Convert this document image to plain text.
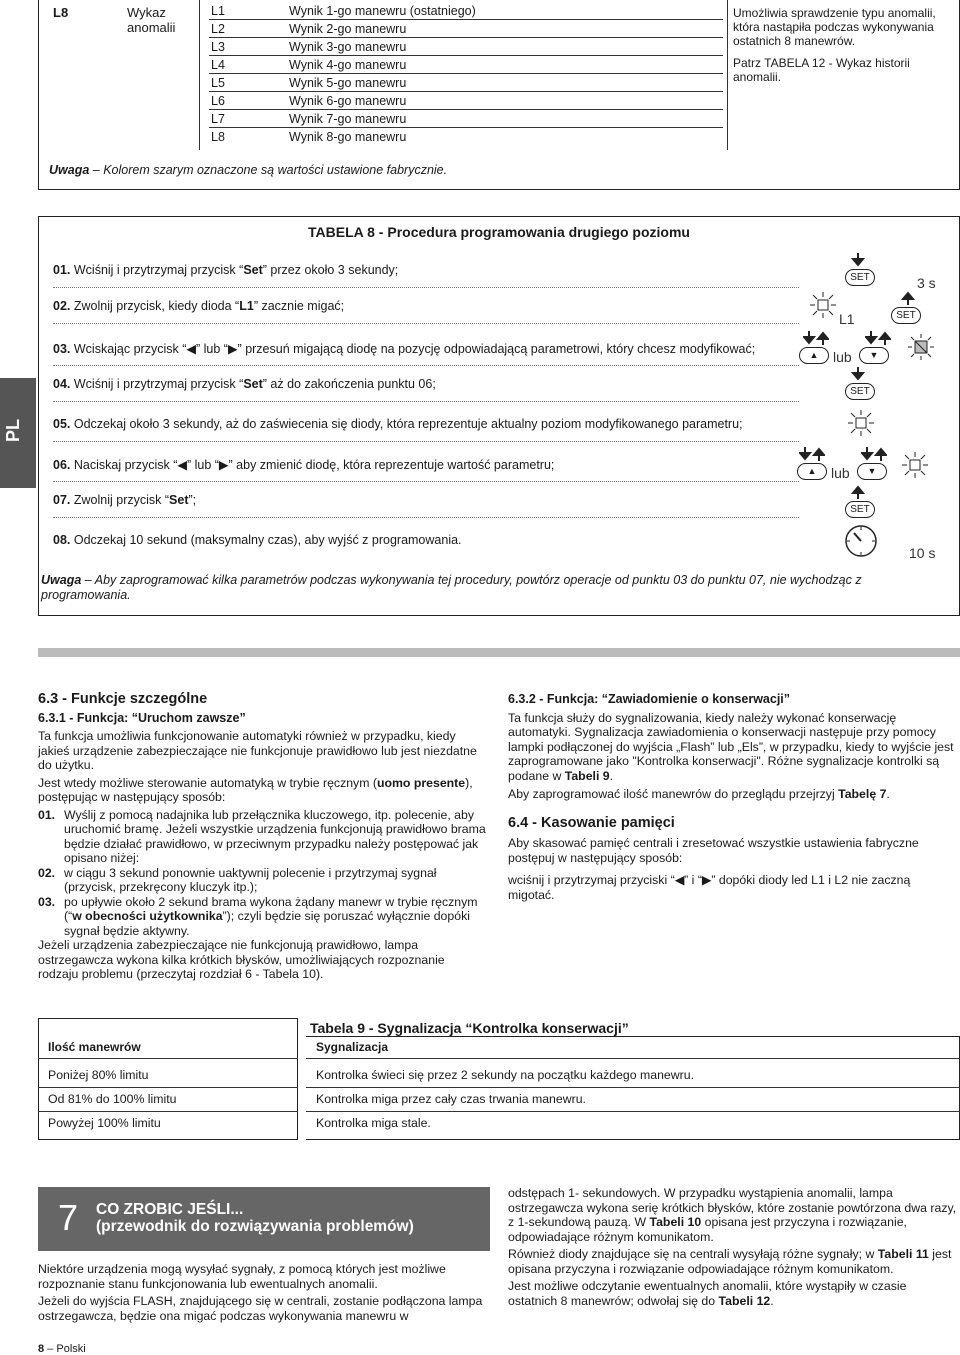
L8	Wykaz anomalii
L1	Wynik 1-go manewru (ostatniego)
L2	Wynik 2-go manewru
L3	Wynik 3-go manewru
L4	Wynik 4-go manewru
L5	Wynik 5-go manewru
L6	Wynik 6-go manewru
L7	Wynik 7-go manewru
L8	Wynik 8-go manewru

Umożliwia sprawdzenie typu anomalii, która nastąpiła podczas wykonywania ostatnich 8 manewrów.

Patrz TABELA 12 - Wykaz historii anomalii.

Uwaga – Kolorem szarym oznaczone są wartości ustawione fabrycznie.
TABELA 8 - Procedura programowania drugiego poziomu
01. Wciśnij i przytrzymaj przycisk “Set” przez około 3 sekundy;
02. Zwolnij przycisk, kiedy dioda “L1” zacznie migać;
03. Wciskając przycisk “◀” lub “▶” przesuń migającą diodę na pozycję odpowiadającą parametrowi, który chcesz modyfikować;
04. Wciśnij i przytrzymaj przycisk “Set” aż do zakończenia punktu 06;
05. Odczekaj około 3 sekundy, aż do zaświecenia się diody, która reprezentuje aktualny poziom modyfikowanego parametru;
06. Naciskaj przycisk “◀” lub “▶” aby zmienić diodę, która reprezentuje wartość parametru;
07. Zwolnij przycisk “Set”;
08. Odczekaj 10 sekund (maksymalny czas), aby wyjść z programowania.
Uwaga – Aby zaprogramować kilka parametrów podczas wykonywania tej procedury, powtórz operacje od punktu 03 do punktu 07, nie wychodząc z programowania.
SET	3 s
L1	SET
▲	lub	▼
SET
▲	lub	▼
SET
10 s
PL
6.3 - Funkcje szczególne
6.3.1 - Funkcja: “Uruchom zawsze”

Ta funkcja umożliwia funkcjonowanie automatyki również w przypadku, kiedy jakieś urządzenie zabezpieczające nie funkcjonuje prawidłowo lub jest niezdatne do użytku.

Jest wtedy możliwe sterowanie automatyką w trybie ręcznym (uomo presente), postępując w następujący sposób:

01. Wyślij z pomocą nadajnika lub przełącznika kluczowego, itp. polecenie, aby uruchomić bramę. Jeżeli wszystkie urządzenia funkcjonują prawidłowo brama będzie działać prawidłowo, w przeciwnym przypadku należy postępować jak opisano niżej:
02. w ciągu 3 sekund ponownie uaktywnij polecenie i przytrzymaj sygnał (przycisk, przekręcony kluczyk itp.);
03. po upływie około 2 sekund brama wykona żądany manewr w trybie ręcznym (“w obecności użytkownika”); czyli będzie się poruszać wyłącznie dopóki sygnał będzie aktywny.

Jeżeli urządzenia zabezpieczające nie funkcjonują prawidłowo, lampa ostrzegawcza wykona kilka krótkich błysków, umożliwiających rozpoznanie rodzaju problemu (przeczytaj rozdział 6 - Tabela 10).

6.3.2 - Funkcja: “Zawiadomienie o konserwacji”

Ta funkcja służy do sygnalizowania, kiedy należy wykonać konserwację automatyki. Sygnalizacja zawiadomienia o konserwacji następuje przy pomocy lampki podłączonej do wyjścia „Flash” lub „Els”, w przypadku, kiedy to wyjście jest zaprogramowane jako "Kontrolka konserwacji". Różne sygnalizacje kontrolki są podane w Tabeli 9.

Aby zaprogramować ilość manewrów do przeglądu przejrzyj Tabelę 7.

6.4 - Kasowanie pamięci

Aby skasować pamięć centrali i zresetować wszystkie ustawienia fabryczne postępuj w następujący sposób:

wciśnij i przytrzymaj przyciski “◀” i “▶” dopóki diody led L1 i L2 nie zaczną migotać.

Ilość manewrów	Sygnalizacja
Poniżej 80% limitu	Kontrolka świeci się przez 2 sekundy na początku każdego manewru.
Od 81% do 100% limitu	Kontrolka miga przez cały czas trwania manewru.
Powyżej 100% limitu	Kontrolka miga stale.
Tabela 9 - Sygnalizacja “Kontrolka konserwacji”
7 CO ZROBIC JEŚLI...
(przewodnik do rozwiązywania problemów)

Niektóre urządzenia mogą wysyłać sygnały, z pomocą których jest możliwe rozpoznanie stanu funkcjonowania lub ewentualnych anomalii.

Jeżeli do wyjścia FLASH, znajdującego się w centrali, zostanie podłączona lampa ostrzegawcza, będzie ona migać podczas wykonywania manewru w

odstępach 1- sekundowych. W przypadku wystąpienia anomalii, lampa ostrzegawcza wykona serię krótkich błysków, które zostanie powtórzona dwa razy, z 1-sekundową pauzą. W Tabeli 10 opisana jest przyczyna i rozwiązanie, odpowiadające różnym komunikatom.

Również diody znajdujące się na centrali wysyłają różne sygnały; w Tabeli 11 jest opisana przyczyna i rozwiązanie odpowiadające różnym komunikatom.

Jest możliwe odczytanie ewentualnych anomalii, które wystąpiły w czasie ostatnich 8 manewrów; odwołaj się do Tabeli 12.

8 – Polski
